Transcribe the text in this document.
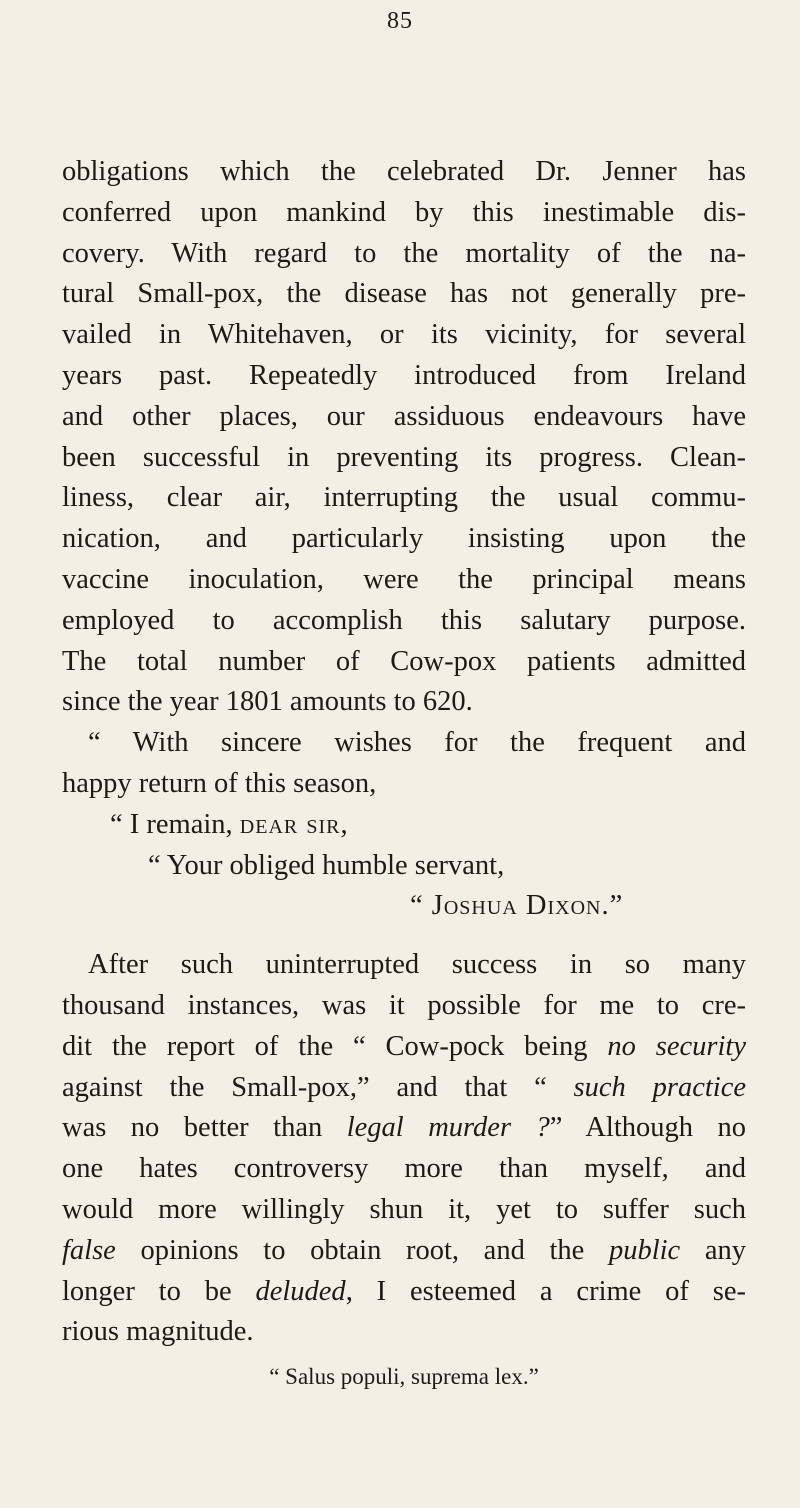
85
obligations which the celebrated Dr. Jenner has
conferred upon mankind by this inestimable dis-
covery. With regard to the mortality of the na-
tural Small-pox, the disease has not generally pre-
vailed in Whitehaven, or its vicinity, for several
years past. Repeatedly introduced from Ireland
and other places, our assiduous endeavours have
been successful in preventing its progress. Clean-
liness, clear air, interrupting the usual commu-
nication, and particularly insisting upon the
vaccine inoculation, were the principal means
employed to accomplish this salutary purpose.
The total number of Cow-pox patients admitted
since the year 1801 amounts to 620.
“ With sincere wishes for the frequent and
happy return of this season,
“ I remain, dear sir,
“ Your obliged humble servant,
“ Joshua Dixon.”
After such uninterrupted success in so many
thousand instances, was it possible for me to cre-
dit the report of the “ Cow-pock being no security
against the Small-pox,” and that “ such practice
was no better than legal murder ?” Although no
one hates controversy more than myself, and
would more willingly shun it, yet to suffer such
false opinions to obtain root, and the public any
longer to be deluded, I esteemed a crime of se-
rious magnitude.
“ Salus populi, suprema lex.”
